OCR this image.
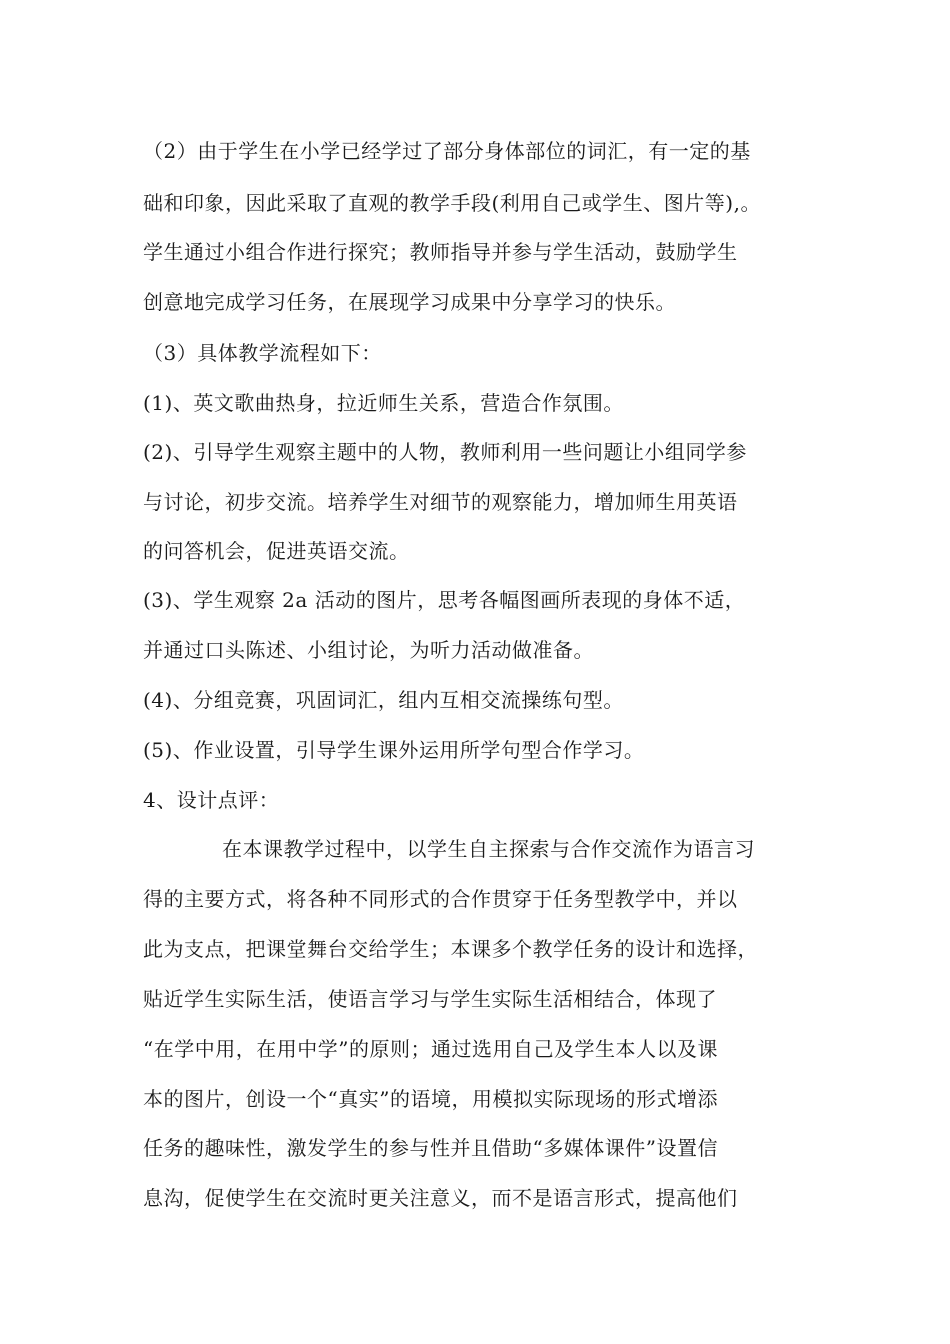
（2）由于学生在小学已经学过了部分身体部位的词汇，有一定的基
础和印象，因此采取了直观的教学手段(利用自己或学生、图片等),。
学生通过小组合作进行探究；教师指导并参与学生活动，鼓励学生
创意地完成学习任务，在展现学习成果中分享学习的快乐。
（3）具体教学流程如下：
(1)、英文歌曲热身，拉近师生关系，营造合作氛围。
(2)、引导学生观察主题中的人物，教师利用一些问题让小组同学参
与讨论，初步交流。培养学生对细节的观察能力，增加师生用英语
的问答机会，促进英语交流。
(3)、学生观察 2a 活动的图片，思考各幅图画所表现的身体不适，
并通过口头陈述、小组讨论，为听力活动做准备。
(4)、分组竞赛，巩固词汇，组内互相交流操练句型。
(5)、作业设置，引导学生课外运用所学句型合作学习。
4、设计点评：
在本课教学过程中，以学生自主探索与合作交流作为语言习
得的主要方式，将各种不同形式的合作贯穿于任务型教学中，并以
此为支点，把课堂舞台交给学生；本课多个教学任务的设计和选择，
贴近学生实际生活，使语言学习与学生实际生活相结合，体现了
“在学中用，在用中学”的原则；通过选用自己及学生本人以及课
本的图片，创设一个“真实”的语境，用模拟实际现场的形式增添
任务的趣味性，激发学生的参与性并且借助“多媒体课件”设置信
息沟，促使学生在交流时更关注意义，而不是语言形式，提高他们
